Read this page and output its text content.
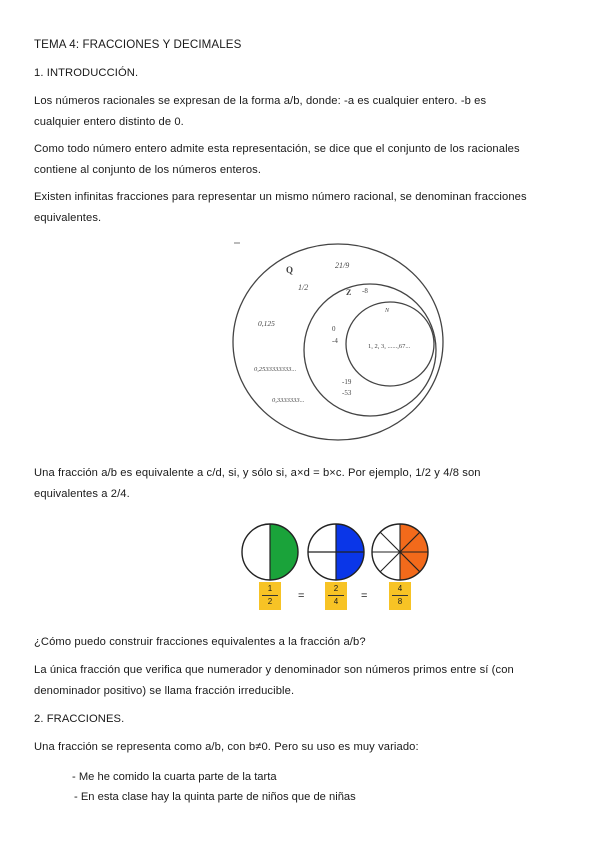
TEMA 4: FRACCIONES Y DECIMALES

1. INTRODUCCIÓN.

Los números racionales se expresan de la forma a/b, donde: -a es cualquier entero. -b es

cualquier entero distinto de 0.

Como todo número entero admite esta representación, se dice que el conjunto de los racionales

contiene al conjunto de los números enteros.

Existen infinitas fracciones para representar un mismo número racional, se denominan fracciones

equivalentes.

Q	21/9
1/2
Z -8
N
0,125
0
-4
1, 2, 3, ......,67...
0,2533333333...
-19
-53
0,3333333...

Una fracción a/b es equivalente a c/d, si, y sólo si, a×d = b×c. Por ejemplo, 1/2 y 4/8 son

equivalentes a 2/4.

$\frac{1}{2}$ =	$\frac{2}{4}$ =	$\frac{4}{8}$

¿Cómo puedo construir fracciones equivalentes a la fracción a/b?

La única fracción que verifica que numerador y denominador son números primos entre sí (con

denominador positivo) se llama fracción irreducible.

2. FRACCIONES.

Una fracción se representa como a/b, con b≠0. Pero su uso es muy variado:

- Me he comido la cuarta parte de la tarta

- En esta clase hay la quinta parte de niños que de niñas
